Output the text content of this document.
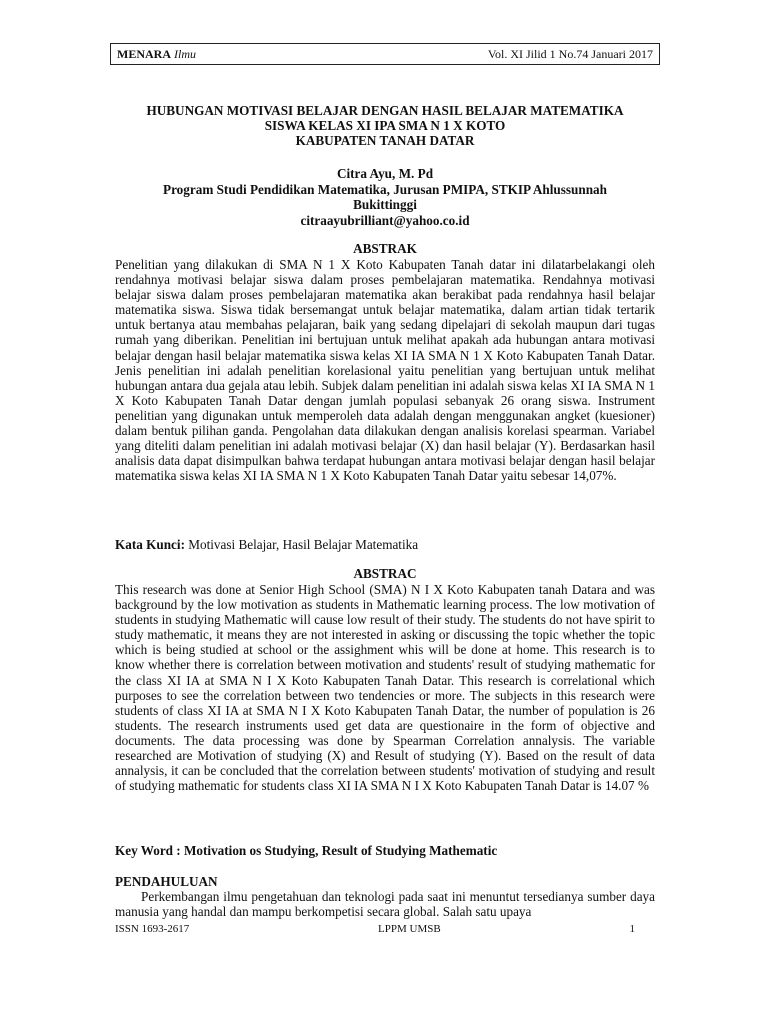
MENARA Ilmu	Vol. XI Jilid 1 No.74 Januari 2017
HUBUNGAN MOTIVASI BELAJAR DENGAN HASIL BELAJAR MATEMATIKA
SISWA KELAS XI IPA SMA N 1 X KOTO
KABUPATEN TANAH DATAR
Citra Ayu, M. Pd
Program Studi Pendidikan Matematika, Jurusan PMIPA, STKIP Ahlussunnah
Bukittinggi
citraayubrilliant@yahoo.co.id
ABSTRAK
Penelitian yang dilakukan di SMA N 1 X Koto Kabupaten Tanah datar ini dilatarbelakangi oleh rendahnya motivasi belajar siswa dalam proses pembelajaran matematika. Rendahnya motivasi belajar siswa dalam proses pembelajaran matematika akan berakibat pada rendahnya hasil belajar matematika siswa. Siswa tidak bersemangat untuk belajar matematika, dalam artian tidak tertarik untuk bertanya atau membahas pelajaran, baik yang sedang dipelajari di sekolah maupun dari tugas rumah yang diberikan. Penelitian ini bertujuan untuk melihat apakah ada hubungan antara motivasi belajar dengan hasil belajar matematika siswa kelas XI IA SMA N 1 X Koto Kabupaten Tanah Datar. Jenis penelitian ini adalah penelitian korelasional yaitu penelitian yang bertujuan untuk melihat hubungan antara dua gejala atau lebih. Subjek dalam penelitian ini adalah siswa kelas XI IA SMA N 1 X Koto Kabupaten Tanah Datar dengan jumlah populasi sebanyak 26 orang siswa. Instrument penelitian yang digunakan untuk memperoleh data adalah dengan menggunakan angket (kuesioner) dalam bentuk pilihan ganda. Pengolahan data dilakukan dengan analisis korelasi spearman. Variabel yang diteliti dalam penelitian ini adalah motivasi belajar (X) dan hasil belajar (Y). Berdasarkan hasil analisis data dapat disimpulkan bahwa terdapat hubungan antara motivasi belajar dengan hasil belajar matematika siswa kelas XI IA SMA N 1 X Koto Kabupaten Tanah Datar yaitu sebesar 14,07%.
Kata Kunci: Motivasi Belajar, Hasil Belajar Matematika
ABSTRAC
This research was done at Senior High School (SMA) N I X Koto Kabupaten tanah Datara and was background by the low motivation as students in Mathematic learning process. The low motivation of students in studying Mathematic will cause low result of their study. The students do not have spirit to study mathematic, it means they are not interested in asking or discussing the topic whether the topic which is being studied at school or the assighment whis will be done at home. This research is to know whether there is correlation between motivation and students' result of studying mathematic for the class XI IA at SMA N I X Koto Kabupaten Tanah Datar. This research is correlational which purposes to see the correlation between two tendencies or more. The subjects in this research were students of class XI IA at SMA N I X Koto Kabupaten Tanah Datar, the number of population is 26 students. The research instruments used get data are questionaire in the form of objective and documents. The data processing was done by Spearman Correlation annalysis. The variable researched are Motivation of studying (X) and Result of studying (Y). Based on the result of data annalysis, it can be concluded that the correlation between students' motivation of studying and result of studying mathematic for students class XI IA SMA N I X Koto Kabupaten Tanah Datar is 14.07 %
Key Word : Motivation os Studying, Result of Studying Mathematic
PENDAHULUAN
Perkembangan ilmu pengetahuan dan teknologi pada saat ini menuntut tersedianya sumber daya manusia yang handal dan mampu berkompetisi secara global. Salah satu upaya
ISSN 1693-2617	LPPM UMSB	1
